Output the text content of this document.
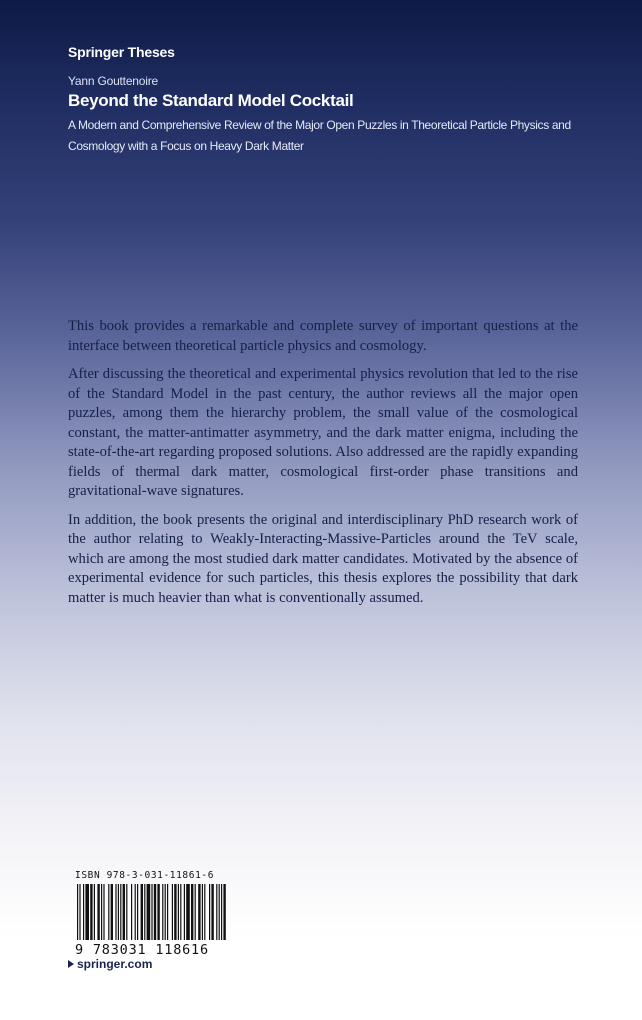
Springer Theses

Yann Gouttenoire

Beyond the Standard Model Cocktail

A Modern and Comprehensive Review of the Major Open Puzzles in Theoretical Particle Physics and Cosmology with a Focus on Heavy Dark Matter

This book provides a remarkable and complete survey of important questions at the interface between theoretical particle physics and cosmology.

After discussing the theoretical and experimental physics revolution that led to the rise of the Standard Model in the past century, the author reviews all the major open puzzles, among them the hierarchy problem, the small value of the cosmological constant, the matter-antimatter asymmetry, and the dark matter enigma, including the state-of-the-art regarding proposed solutions. Also addressed are the rapidly expanding fields of thermal dark matter, cosmological first-order phase transitions and gravitational-wave signatures.

In addition, the book presents the original and interdisciplinary PhD research work of the author relating to Weakly-Interacting-Massive-Particles around the TeV scale, which are among the most studied dark matter candidates. Motivated by the absence of experimental evidence for such particles, this thesis explores the possibility that dark matter is much heavier than what is conventionally assumed.

ISBN 978-3-031-11861-6
9 783031 118616
springer.com
